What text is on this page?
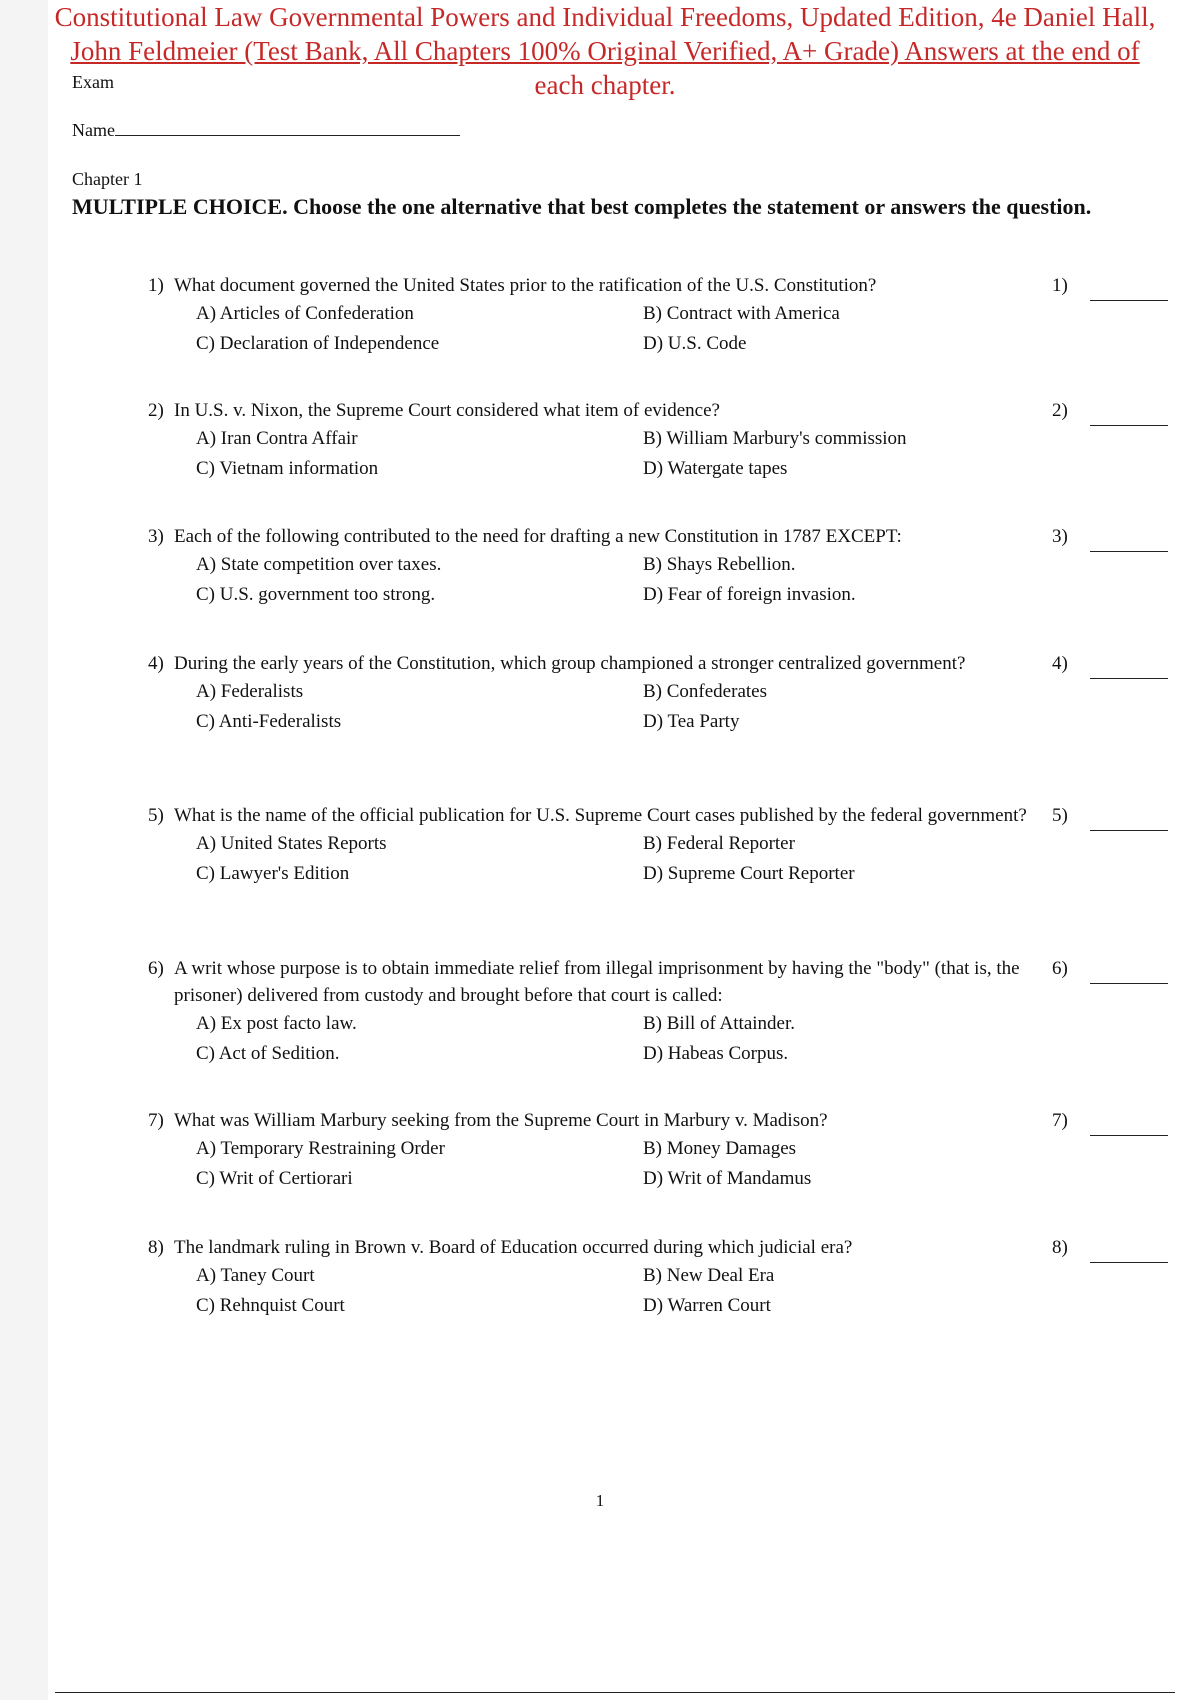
Constitutional Law Governmental Powers and Individual Freedoms, Updated Edition, 4e Daniel Hall,
John Feldmeier (Test Bank, All Chapters 100% Original Verified, A+ Grade) Answers at the end of
each chapter.
Exam
Name
Chapter 1
MULTIPLE CHOICE. Choose the one alternative that best completes the statement or answers the question.
1) What document governed the United States prior to the ratification of the U.S. Constitution?
A) Articles of Confederation	B) Contract with America
C) Declaration of Independence	D) U.S. Code
1)
2) In U.S. v. Nixon, the Supreme Court considered what item of evidence?
A) Iran Contra Affair	B) William Marbury's commission
C) Vietnam information	D) Watergate tapes
2)
3) Each of the following contributed to the need for drafting a new Constitution in 1787 EXCEPT:
A) State competition over taxes.	B) Shays Rebellion.
C) U.S. government too strong.	D) Fear of foreign invasion.
3)
4) During the early years of the Constitution, which group championed a stronger centralized government?
A) Federalists	B) Confederates
C) Anti-Federalists	D) Tea Party
4)
5) What is the name of the official publication for U.S. Supreme Court cases published by the federal government?
A) United States Reports	B) Federal Reporter
C) Lawyer's Edition	D) Supreme Court Reporter
5)
6) A writ whose purpose is to obtain immediate relief from illegal imprisonment by having the "body" (that is, the prisoner) delivered from custody and brought before that court is called:
A) Ex post facto law.	B) Bill of Attainder.
C) Act of Sedition.	D) Habeas Corpus.
6)
7) What was William Marbury seeking from the Supreme Court in Marbury v. Madison?
A) Temporary Restraining Order	B) Money Damages
C) Writ of Certiorari	D) Writ of Mandamus
7)
8) The landmark ruling in Brown v. Board of Education occurred during which judicial era?
A) Taney Court	B) New Deal Era
C) Rehnquist Court	D) Warren Court
8)
1
